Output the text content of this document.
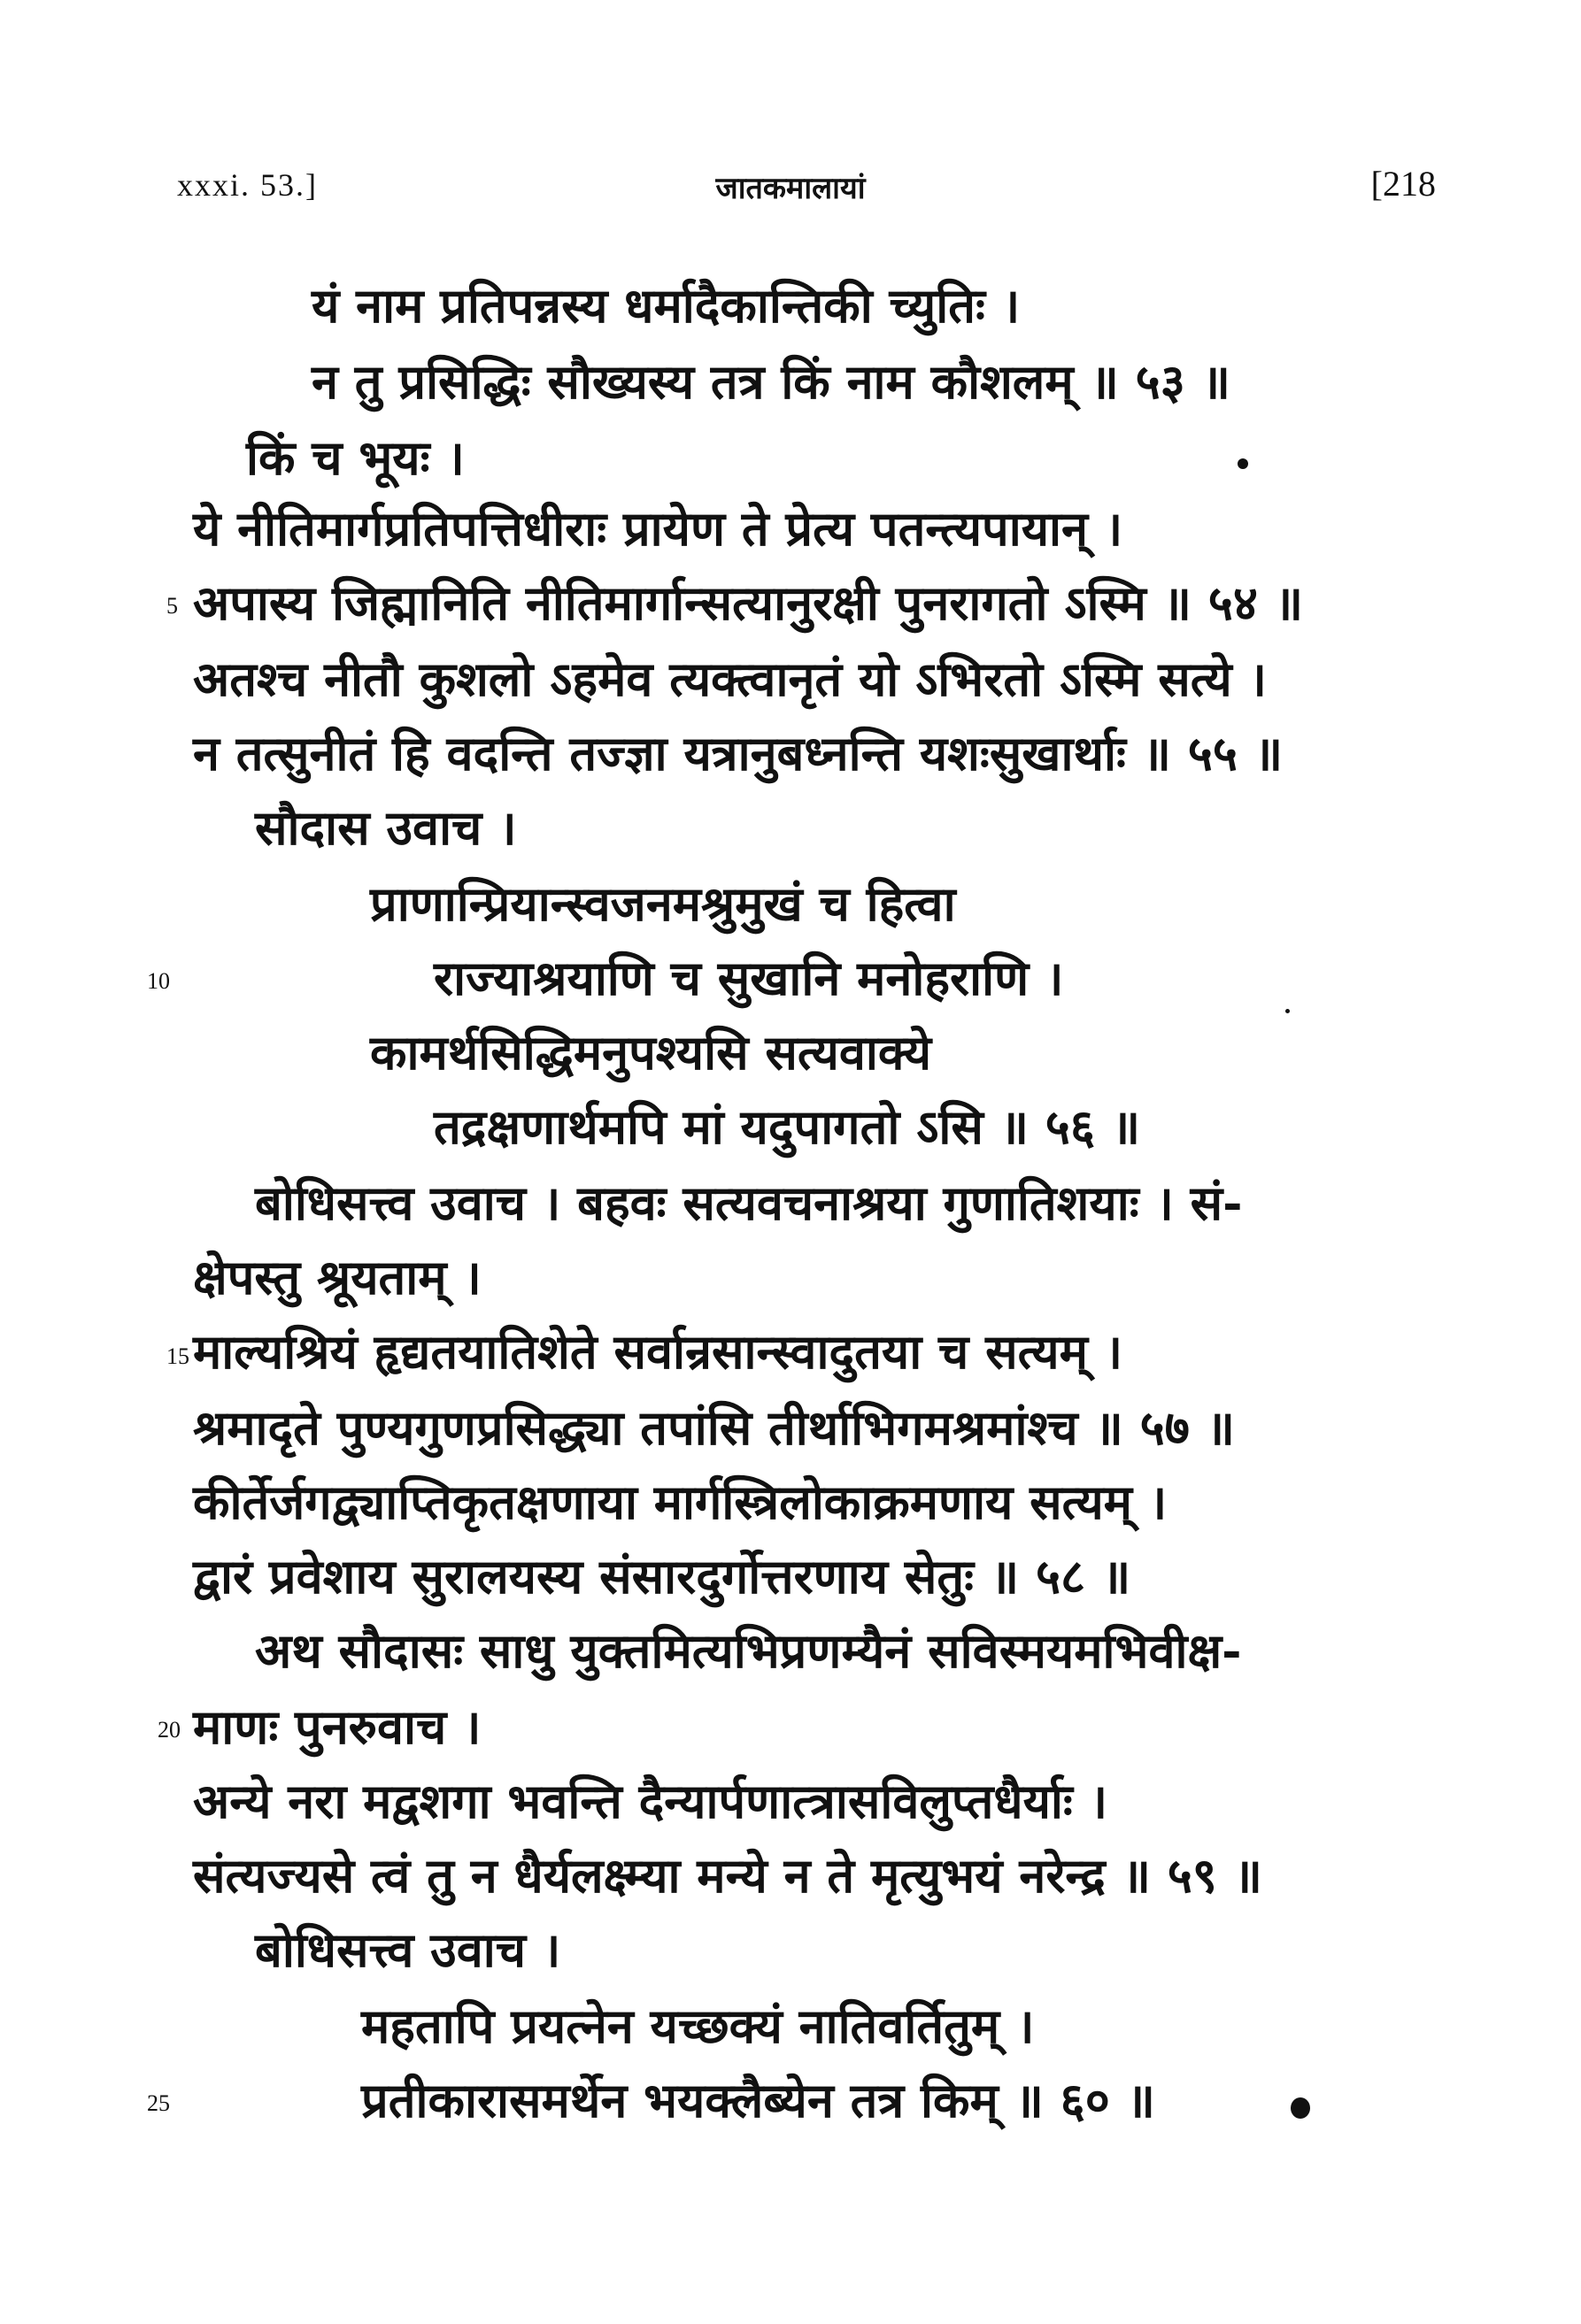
xxxi. 53.]	जातकमालायां	[218
यं नाम प्रतिपन्नस्य धर्मादैकान्तिकी च्युतिः ।
न तु प्रसिद्धिः सौख्यस्य तत्र किं नाम कौशलम् ॥ ५३ ॥
किं च भूयः ।
ये नीतिमार्गप्रतिपत्तिधीराः प्रायेण ते प्रेत्य पतन्त्यपायान् ।
अपास्य जिह्मानिति नीतिमार्गान्सत्यानुरक्षी पुनरागतो ऽस्मि ॥ ५४ ॥
अतश्च नीतौ कुशलो ऽहमेव त्यक्त्वानृतं यो ऽभिरतो ऽस्मि सत्ये ।
न तत्सुनीतं हि वदन्ति तज्ज्ञा यत्रानुबध्नन्ति यशःसुखार्थाः ॥ ५५ ॥
सौदास उवाच ।
प्राणान्प्रियान्स्वजनमश्रुमुखं च हित्वा
राज्याश्रयाणि च सुखानि मनोहराणि ।
कामर्थसिद्धिमनुपश्यसि सत्यवाक्ये
तद्रक्षणार्थमपि मां यदुपागतो ऽसि ॥ ५६ ॥
बोधिसत्त्व उवाच । बहवः सत्यवचनाश्रया गुणातिशयाः । सं-
क्षेपस्तु श्रूयताम् ।
माल्यश्रियं हृद्यतयातिशेते सर्वान्रसान्स्वादुतया च सत्यम् ।
श्रमादृते पुण्यगुणप्रसिद्ध्या तपांसि तीर्थाभिगमश्रमांश्च ॥ ५७ ॥
कीर्तेर्जगद्व्याप्तिकृतक्षणाया मार्गस्त्रिलोकाक्रमणाय सत्यम् ।
द्वारं प्रवेशाय सुरालयस्य संसारदुर्गोत्तरणाय सेतुः ॥ ५८ ॥
अथ सौदासः साधु युक्तमित्यभिप्रणम्यैनं सविस्मयमभिवीक्ष-
माणः पुनरुवाच ।
अन्ये नरा मद्वशगा भवन्ति दैन्यार्पणात्त्रासविलुप्तधैर्याः ।
संत्यज्यसे त्वं तु न धैर्यलक्ष्म्या मन्ये न ते मृत्युभयं नरेन्द्र ॥ ५९ ॥
बोधिसत्त्व उवाच ।
महतापि प्रयत्नेन यच्छक्यं नातिवर्तितुम् ।
प्रतीकारासमर्थेन भयक्लैब्येन तत्र किम् ॥ ६० ॥
5
10
15
20
25
